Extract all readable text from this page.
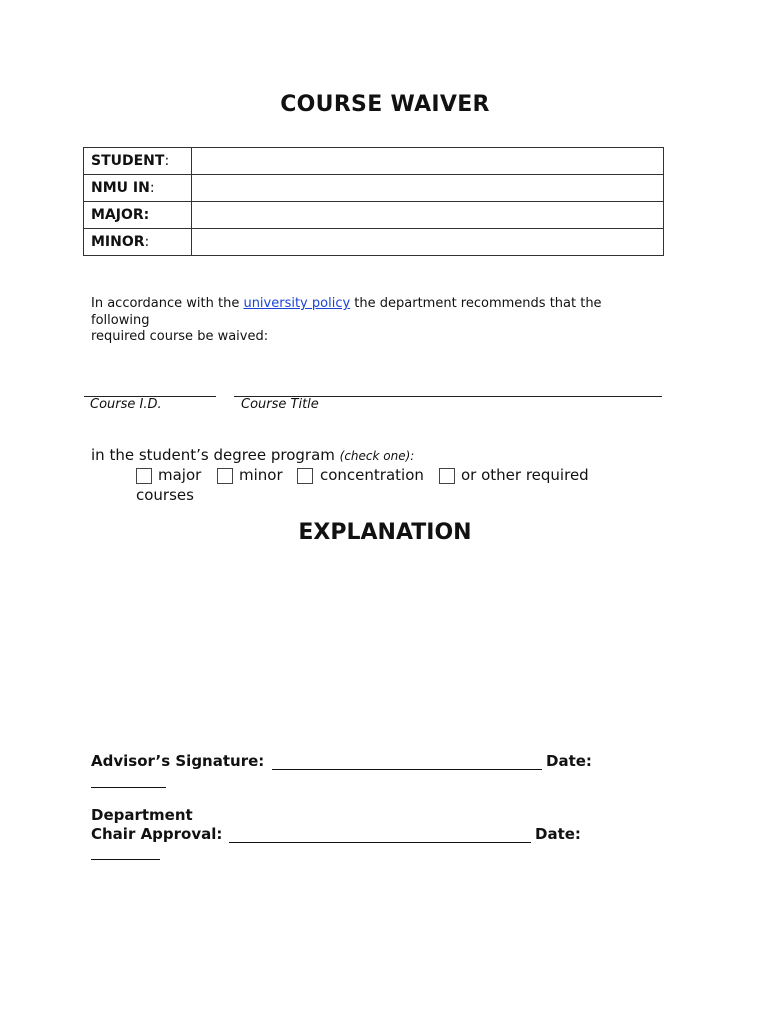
COURSE WAIVER
STUDENT:	
NMU IN:	
MAJOR:	
MINOR:	
In accordance with the university policy the department recommends that the
following
required course be waived:
Course I.D.	Course Title
in the student’s degree program (check one):
major	minor concentration or other required
courses
EXPLANATION
Advisor’s Signature:	Date:
Department
Chair Approval:	Date:
